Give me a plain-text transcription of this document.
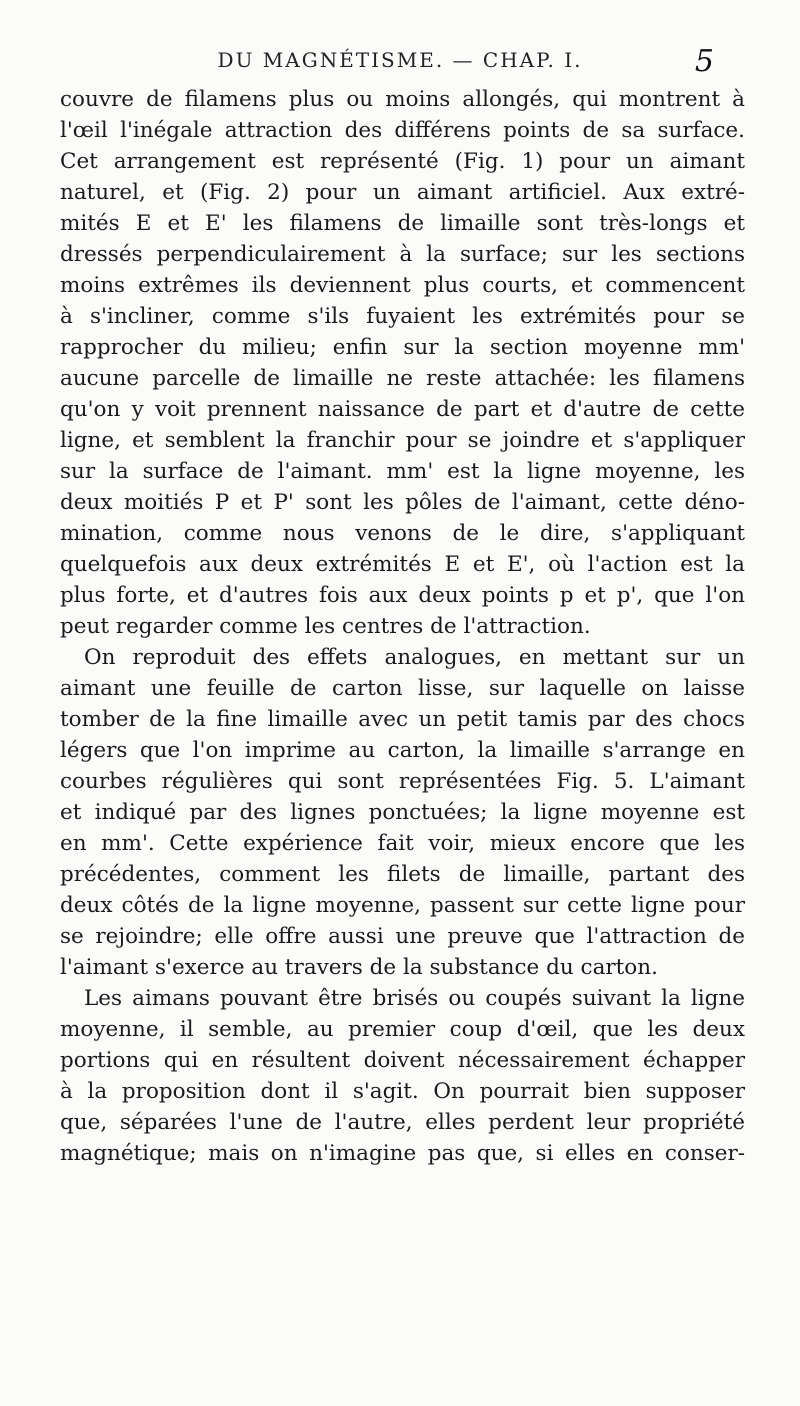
DU MAGNÉTISME. — CHAP. I.	5
couvre de filamens plus ou moins allongés, qui montrent à
l'œil l'inégale attraction des différens points de sa surface.
Cet arrangement est représenté (Fig. 1) pour un aimant
naturel, et (Fig. 2) pour un aimant artificiel. Aux extré-
mités E et E' les filamens de limaille sont très-longs et
dressés perpendiculairement à la surface; sur les sections
moins extrêmes ils deviennent plus courts, et commencent
à s'incliner, comme s'ils fuyaient les extrémités pour se
rapprocher du milieu; enfin sur la section moyenne mm'
aucune parcelle de limaille ne reste attachée: les filamens
qu'on y voit prennent naissance de part et d'autre de cette
ligne, et semblent la franchir pour se joindre et s'appliquer
sur la surface de l'aimant. mm' est la ligne moyenne, les
deux moitiés P et P' sont les pôles de l'aimant, cette déno-
mination, comme nous venons de le dire, s'appliquant
quelquefois aux deux extrémités E et E', où l'action est la
plus forte, et d'autres fois aux deux points p et p', que l'on
peut regarder comme les centres de l'attraction.
On reproduit des effets analogues, en mettant sur un
aimant une feuille de carton lisse, sur laquelle on laisse
tomber de la fine limaille avec un petit tamis par des chocs
légers que l'on imprime au carton, la limaille s'arrange en
courbes régulières qui sont représentées Fig. 5. L'aimant
et indiqué par des lignes ponctuées; la ligne moyenne est
en mm'. Cette expérience fait voir, mieux encore que les
précédentes, comment les filets de limaille, partant des
deux côtés de la ligne moyenne, passent sur cette ligne pour
se rejoindre; elle offre aussi une preuve que l'attraction de
l'aimant s'exerce au travers de la substance du carton.
Les aimans pouvant être brisés ou coupés suivant la ligne
moyenne, il semble, au premier coup d'œil, que les deux
portions qui en résultent doivent nécessairement échapper
à la proposition dont il s'agit. On pourrait bien supposer
que, séparées l'une de l'autre, elles perdent leur propriété
magnétique; mais on n'imagine pas que, si elles en conser-
